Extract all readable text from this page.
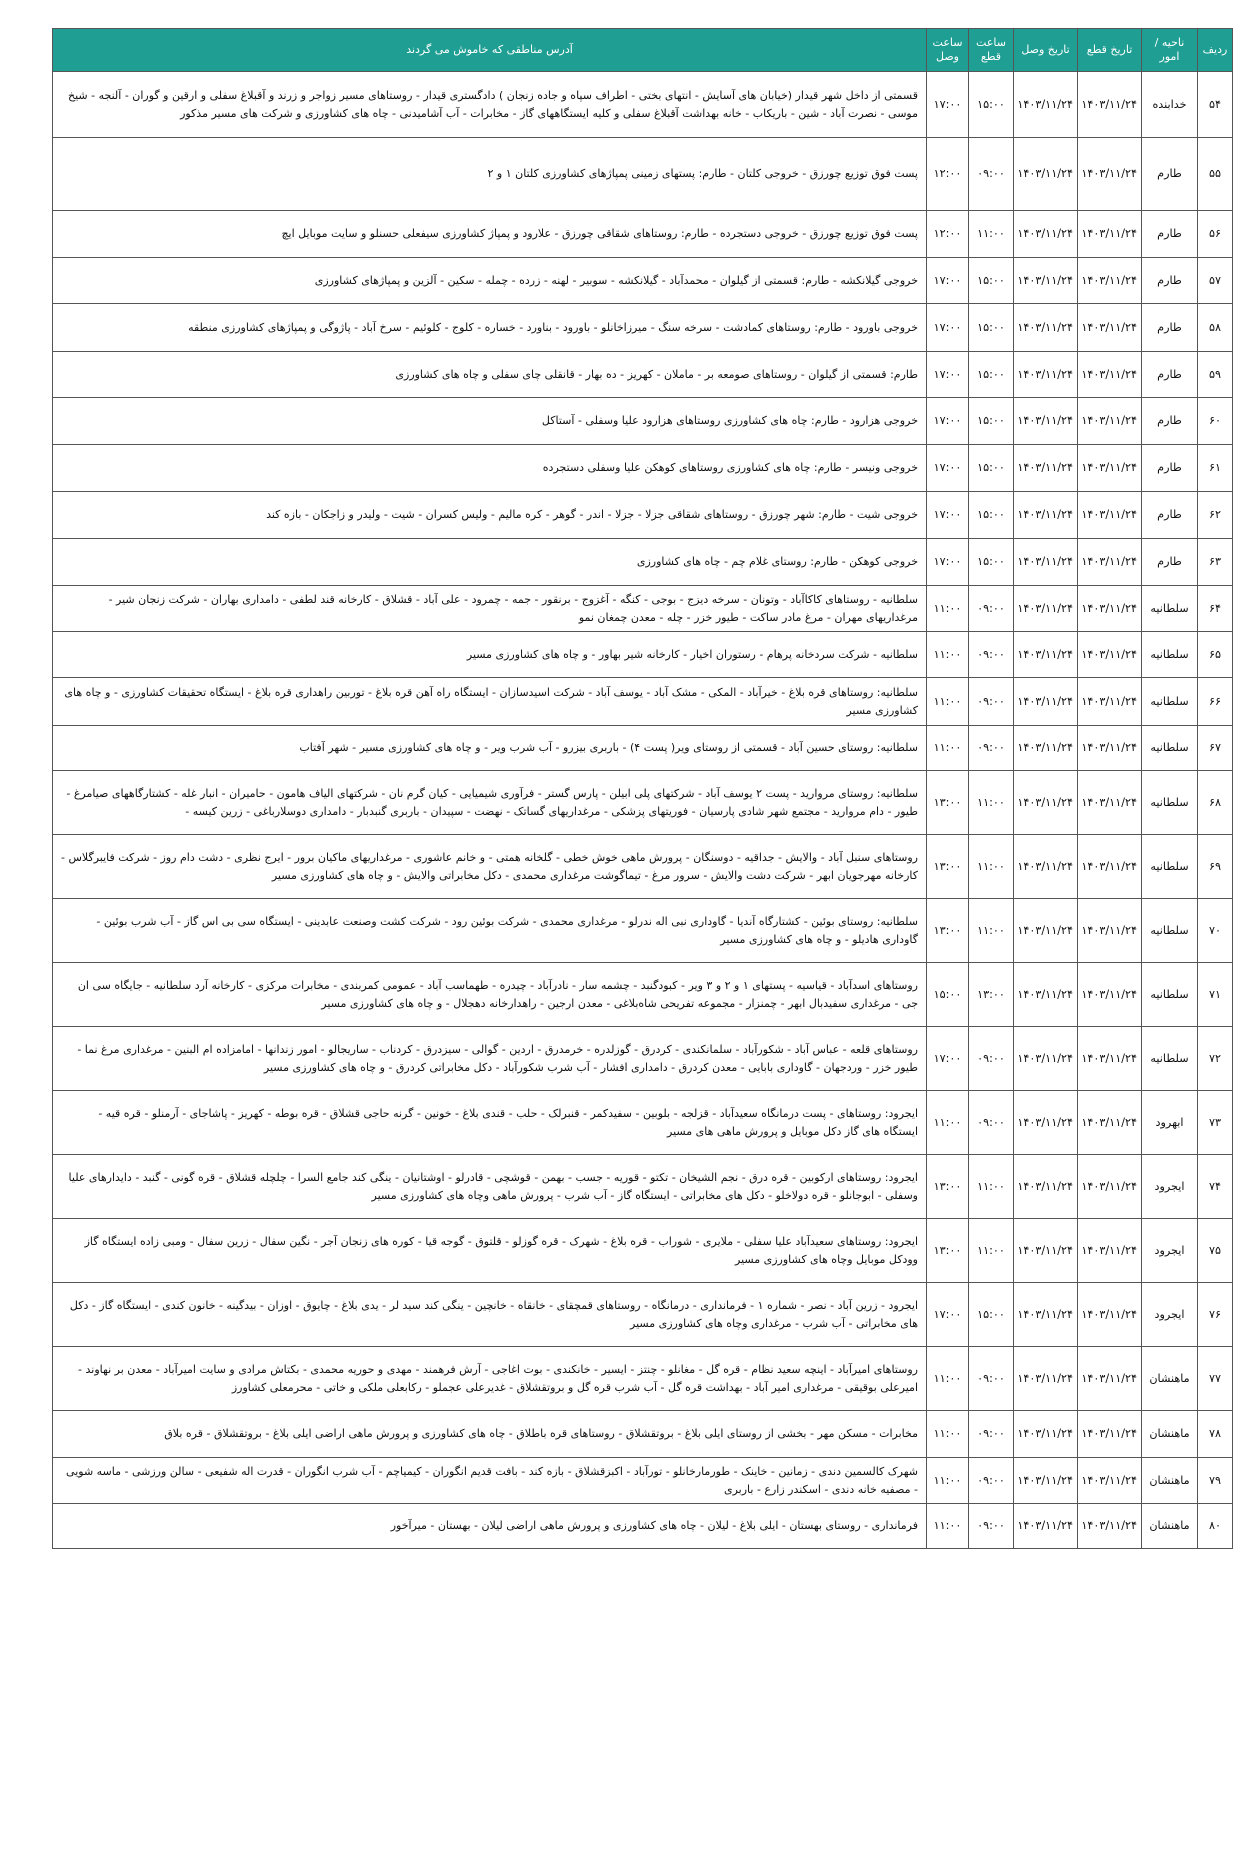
ردیف	ناحیه /امور	تاریخ قطع	تاریخ وصل	ساعت قطع	ساعت وصل	آدرس مناطقی که خاموش می گردند
۵۴	خدابنده	۱۴۰۳/۱۱/۲۴	۱۴۰۳/۱۱/۲۴	۱۵:۰۰	۱۷:۰۰	قسمتی از داخل شهر قیدار (خیابان های آسایش - انتهای بختی - اطراف سپاه و جاده زنجان ) دادگستری قیدار - روستاهای مسیر زواجر و زرند و آقبلاغ سفلی و ارقین و گوران - آلنجه - شیخ موسی - نصرت آباد - شین - باریکاب - خانه بهداشت آقبلاغ سفلی و کلیه ایستگاههای گاز - مخابرات - آب آشامیدنی - چاه های کشاورزی و شرکت های مسیر مذکور
۵۵	طارم	۱۴۰۳/۱۱/۲۴	۱۴۰۳/۱۱/۲۴	۰۹:۰۰	۱۲:۰۰	پست فوق توزیع چورزق - خروجی کلتان - طارم: پستهای زمینی پمپاژهای کشاورزی کلتان ۱ و ۲
۵۶	طارم	۱۴۰۳/۱۱/۲۴	۱۴۰۳/۱۱/۲۴	۱۱:۰۰	۱۲:۰۰	پست فوق توزیع چورزق - خروجی دستجرده - طارم: روستاهای شقاقی چورزق - علارود و پمپاژ کشاورزی سیفعلی حسنلو و سایت موبایل ایچ
۵۷	طارم	۱۴۰۳/۱۱/۲۴	۱۴۰۳/۱۱/۲۴	۱۵:۰۰	۱۷:۰۰	خروجی گیلانکشه - طارم: قسمتی از گیلوان - محمدآباد - گیلانکشه - سوبیر - لهنه - زرده - چمله - سکین - آلزین و پمپاژهای کشاورزی
۵۸	طارم	۱۴۰۳/۱۱/۲۴	۱۴۰۳/۱۱/۲۴	۱۵:۰۰	۱۷:۰۰	خروجی باورود - طارم: روستاهای کمادشت - سرخه سنگ - میرزاخانلو - باورود - بناورد - خساره - کلوج - کلوئیم - سرخ آباد - پاژوگی و پمپاژهای کشاورزی منطقه
۵۹	طارم	۱۴۰۳/۱۱/۲۴	۱۴۰۳/۱۱/۲۴	۱۵:۰۰	۱۷:۰۰	طارم: قسمتی از گیلوان - روستاهای صومعه بر - ماملان - کهریز - ده بهار - قانقلی چای سفلی و چاه های کشاورزی
۶۰	طارم	۱۴۰۳/۱۱/۲۴	۱۴۰۳/۱۱/۲۴	۱۵:۰۰	۱۷:۰۰	خروجی هزارود - طارم: چاه های کشاورزی روستاهای هزارود علیا وسفلی - آستاکل
۶۱	طارم	۱۴۰۳/۱۱/۲۴	۱۴۰۳/۱۱/۲۴	۱۵:۰۰	۱۷:۰۰	خروجی ونیسر - طارم: چاه های کشاورزی روستاهای کوهکن علیا وسفلی دستجرده
۶۲	طارم	۱۴۰۳/۱۱/۲۴	۱۴۰۳/۱۱/۲۴	۱۵:۰۰	۱۷:۰۰	خروجی شیت - طارم: شهر چورزق - روستاهای شقاقی جزلا - جزلا - اندر - گوهر - کره مالیم - ولیس کسران - شیت - ولیدر و زاجکان - بازه کند
۶۳	طارم	۱۴۰۳/۱۱/۲۴	۱۴۰۳/۱۱/۲۴	۱۵:۰۰	۱۷:۰۰	خروجی کوهکن - طارم: روستای غلام چم - چاه های کشاورزی
۶۴	سلطانیه	۱۴۰۳/۱۱/۲۴	۱۴۰۳/۱۱/۲۴	۰۹:۰۰	۱۱:۰۰	سلطانیه - روستاهای کاکاآباد - وتونان - سرخه دیزج - بوجی - کنگه - آغزوج - برنقور - جمه - چمرود - علی آباد - قشلاق - کارخانه قند لطفی - دامداری بهاران - شرکت زنجان شیر - مرغداریهای مهران - مرغ مادر ساکت - طیور خزر - چله - معدن چمغان نمو
۶۵	سلطانیه	۱۴۰۳/۱۱/۲۴	۱۴۰۳/۱۱/۲۴	۰۹:۰۰	۱۱:۰۰	سلطانیه - شرکت سردخانه پرهام - رستوران اخیار - کارخانه شیر بهاور - و چاه های کشاورزی مسیر
۶۶	سلطانیه	۱۴۰۳/۱۱/۲۴	۱۴۰۳/۱۱/۲۴	۰۹:۰۰	۱۱:۰۰	سلطانیه: روستاهای قره بلاغ - خیرآباد - المکی - مشک آباد - یوسف آباد - شرکت اسیدسازان - ایستگاه راه آهن قره بلاغ - توربین راهداری قره بلاغ - ایستگاه تحقیقات کشاورزی - و چاه های کشاورزی مسیر
۶۷	سلطانیه	۱۴۰۳/۱۱/۲۴	۱۴۰۳/۱۱/۲۴	۰۹:۰۰	۱۱:۰۰	سلطانیه: روستای حسین آباد - قسمتی از روستای ویر( پست ۴) - باربری بیزرو - آب شرب ویر - و چاه های کشاورزی مسیر - شهر آفتاب
۶۸	سلطانیه	۱۴۰۳/۱۱/۲۴	۱۴۰۳/۱۱/۲۴	۱۱:۰۰	۱۳:۰۰	سلطانیه: روستای مروارید - پست ۲ یوسف آباد - شرکتهای پلی ابیلن - پارس گستر - فرآوری شیمیایی - کیان گرم نان - شرکتهای الیاف هامون - حامیران - انبار غله - کشتارگاههای صیامرغ - طیور - دام مروارید - مجتمع شهر شادی پارسیان - فوریتهای پزشکی - مرغداریهای گساتک - نهضت - سپیدان - باربری گنبدبار - دامداری دوسلارباغی - زرین کیسه -
۶۹	سلطانیه	۱۴۰۳/۱۱/۲۴	۱۴۰۳/۱۱/۲۴	۱۱:۰۰	۱۳:۰۰	روستاهای سنبل آباد - والایش - جداقیه - دوسنگان - پرورش ماهی خوش خطی - گلخانه همتی - و خانم عاشوری - مرغداریهای ماکیان برور - ایرج نظری - دشت دام روز - شرکت فایبرگلاس - کارخانه مهرجویان ابهر - شرکت دشت والایش - سرور مرغ - تیماگوشت مرغداری محمدی - دکل مخابراتی والایش - و چاه های کشاورزی مسیر
۷۰	سلطانیه	۱۴۰۳/۱۱/۲۴	۱۴۰۳/۱۱/۲۴	۱۱:۰۰	۱۳:۰۰	سلطانیه: روستای بوئین - کشتارگاه آندیا - گاوداری نبی اله ندرلو - مرغداری محمدی - شرکت بوئین رود - شرکت کشت وصنعت عابدینی - ایستگاه سی بی اس گاز - آب شرب بوئین - گاوداری هادیلو - و چاه های کشاورزی مسیر
۷۱	سلطانیه	۱۴۰۳/۱۱/۲۴	۱۴۰۳/۱۱/۲۴	۱۳:۰۰	۱۵:۰۰	روستاهای اسدآباد - قیاسیه - پستهای ۱ و ۲ و ۳ ویر - کبودگنبد - چشمه سار - نادرآباد - چیدره - طهماسب آباد - عمومی کمربندی - مخابرات مرکزی - کارخانه آرد سلطانیه - جایگاه سی ان جی - مرغداری سفیدبال ابهر - چمنزار - مجموعه تفریحی شاه‌بلاغی - معدن ارجین - راهدارخانه دهجلال - و چاه های کشاورزی مسیر
۷۲	سلطانیه	۱۴۰۳/۱۱/۲۴	۱۴۰۳/۱۱/۲۴	۰۹:۰۰	۱۷:۰۰	روستاهای قلعه - عباس آباد - شکورآباد - سلمانکندی - کردرق - گوزلدره - خرمدرق - اردین - گوالی - سیزدرق - کردناب - ساریجالو - امور زندانها - امامزاده ام البنین - مرغداری مرغ نما - طیور خزر - وردجهان - گاوداری بابایی - معدن کردرق - دامداری افشار - آب شرب شکورآباد - دکل مخابراتی کردرق - و چاه های کشاورزی مسیر
۷۳	ابهرود	۱۴۰۳/۱۱/۲۴	۱۴۰۳/۱۱/۲۴	۰۹:۰۰	۱۱:۰۰	ایجرود: روستاهای - پست درمانگاه سعیدآباد - قزلجه - بلوبین - سفیدکمر - قنبرلک - حلب - قندی بلاغ - خونین - گرنه حاجی قشلاق - قره بوطه - کهریز - پاشاجای - آرمنلو - قره قیه - ایستگاه های گاز دکل موبایل و پرورش ماهی های مسیر
۷۴	ایجرود	۱۴۰۳/۱۱/۲۴	۱۴۰۳/۱۱/۲۴	۱۱:۰۰	۱۳:۰۰	ایجرود: روستاهای ارکوبین - قره درق - نجم الشیخان - تکتو - قوریه - جسب - بهمن - قوشچی - قادرلو - اوشتانیان - ینگی کند جامع السرا - چلچله قشلاق - قره گونی - گنبد - دایدارهای علیا وسفلی - ابوجانلو - قره دولاخلو - دکل های مخابراتی - ایستگاه گاز - آب شرب - پرورش ماهی وچاه های کشاورزی مسیر
۷۵	ایجرود	۱۴۰۳/۱۱/۲۴	۱۴۰۳/۱۱/۲۴	۱۱:۰۰	۱۳:۰۰	ایجرود: روستاهای سعیدآباد علیا سفلی - ملایری - شوراب - قره بلاغ - شهرک - قره گوزلو - قلتوق - گوجه قیا - کوره های زنجان آجر - نگین سفال - زرین سفال - ومبی زاده ایستگاه گاز وودکل موبایل وچاه های کشاورزی مسیر
۷۶	ایجرود	۱۴۰۳/۱۱/۲۴	۱۴۰۳/۱۱/۲۴	۱۵:۰۰	۱۷:۰۰	ایجرود - زرین آباد - نصر - شماره ۱ - فرمانداری - درمانگاه - روستاهای قمچقای - خانقاه - خانچین - ینگی کند سید لر - یدی بلاغ - چایوق - اوزان - بیدگینه - خانون کندی - ایستگاه گاز - دکل های مخابراتی - آب شرب - مرغداری وچاه های کشاورزی مسیر
۷۷	ماهنشان	۱۴۰۳/۱۱/۲۴	۱۴۰۳/۱۱/۲۴	۰۹:۰۰	۱۱:۰۰	روستاهای امیرآباد - اینچه سعید نظام - قره گل - مغانلو - چنتز - ایسیر - خانکندی - بوت اغاجی - آرش فرهمند - مهدی و حوریه محمدی - بکتاش مرادی و سایت امیرآباد - معدن بر نهاوند - امیرعلی بوقیقی - مرغداری امیر آباد - بهداشت قره گل - آب شرب قره گل و بروتقشلاق - غدیرعلی عجملو - رکابعلی ملکی و خاتی - محرمعلی کشاورز
۷۸	ماهنشان	۱۴۰۳/۱۱/۲۴	۱۴۰۳/۱۱/۲۴	۰۹:۰۰	۱۱:۰۰	مخابرات - مسکن مهر - بخشی از روستای ایلی بلاغ - بروتقشلاق - روستاهای قره باطلاق - چاه های کشاورزی و پرورش ماهی اراضی ایلی بلاغ - بروتقشلاق - قره بلاق
۷۹	ماهنشان	۱۴۰۳/۱۱/۲۴	۱۴۰۳/۱۱/۲۴	۰۹:۰۰	۱۱:۰۰	شهرک کالسمین دندی - زمانین - خاینک - طورمارخانلو - تورآباد - اکبزقشلاق - بازه کند - بافت قدیم انگوران - کیمیاچم - آب شرب انگوران - قدرت اله شفیعی - سالن ورزشی - ماسه شویی - مصفیه خانه دندی - اسکندر زارع - باربری
۸۰	ماهنشان	۱۴۰۳/۱۱/۲۴	۱۴۰۳/۱۱/۲۴	۰۹:۰۰	۱۱:۰۰	فرمانداری - روستای بهستان - ایلی بلاغ - لیلان - چاه های کشاورزی و پرورش ماهی اراضی لیلان - بهستان - میرآخور
